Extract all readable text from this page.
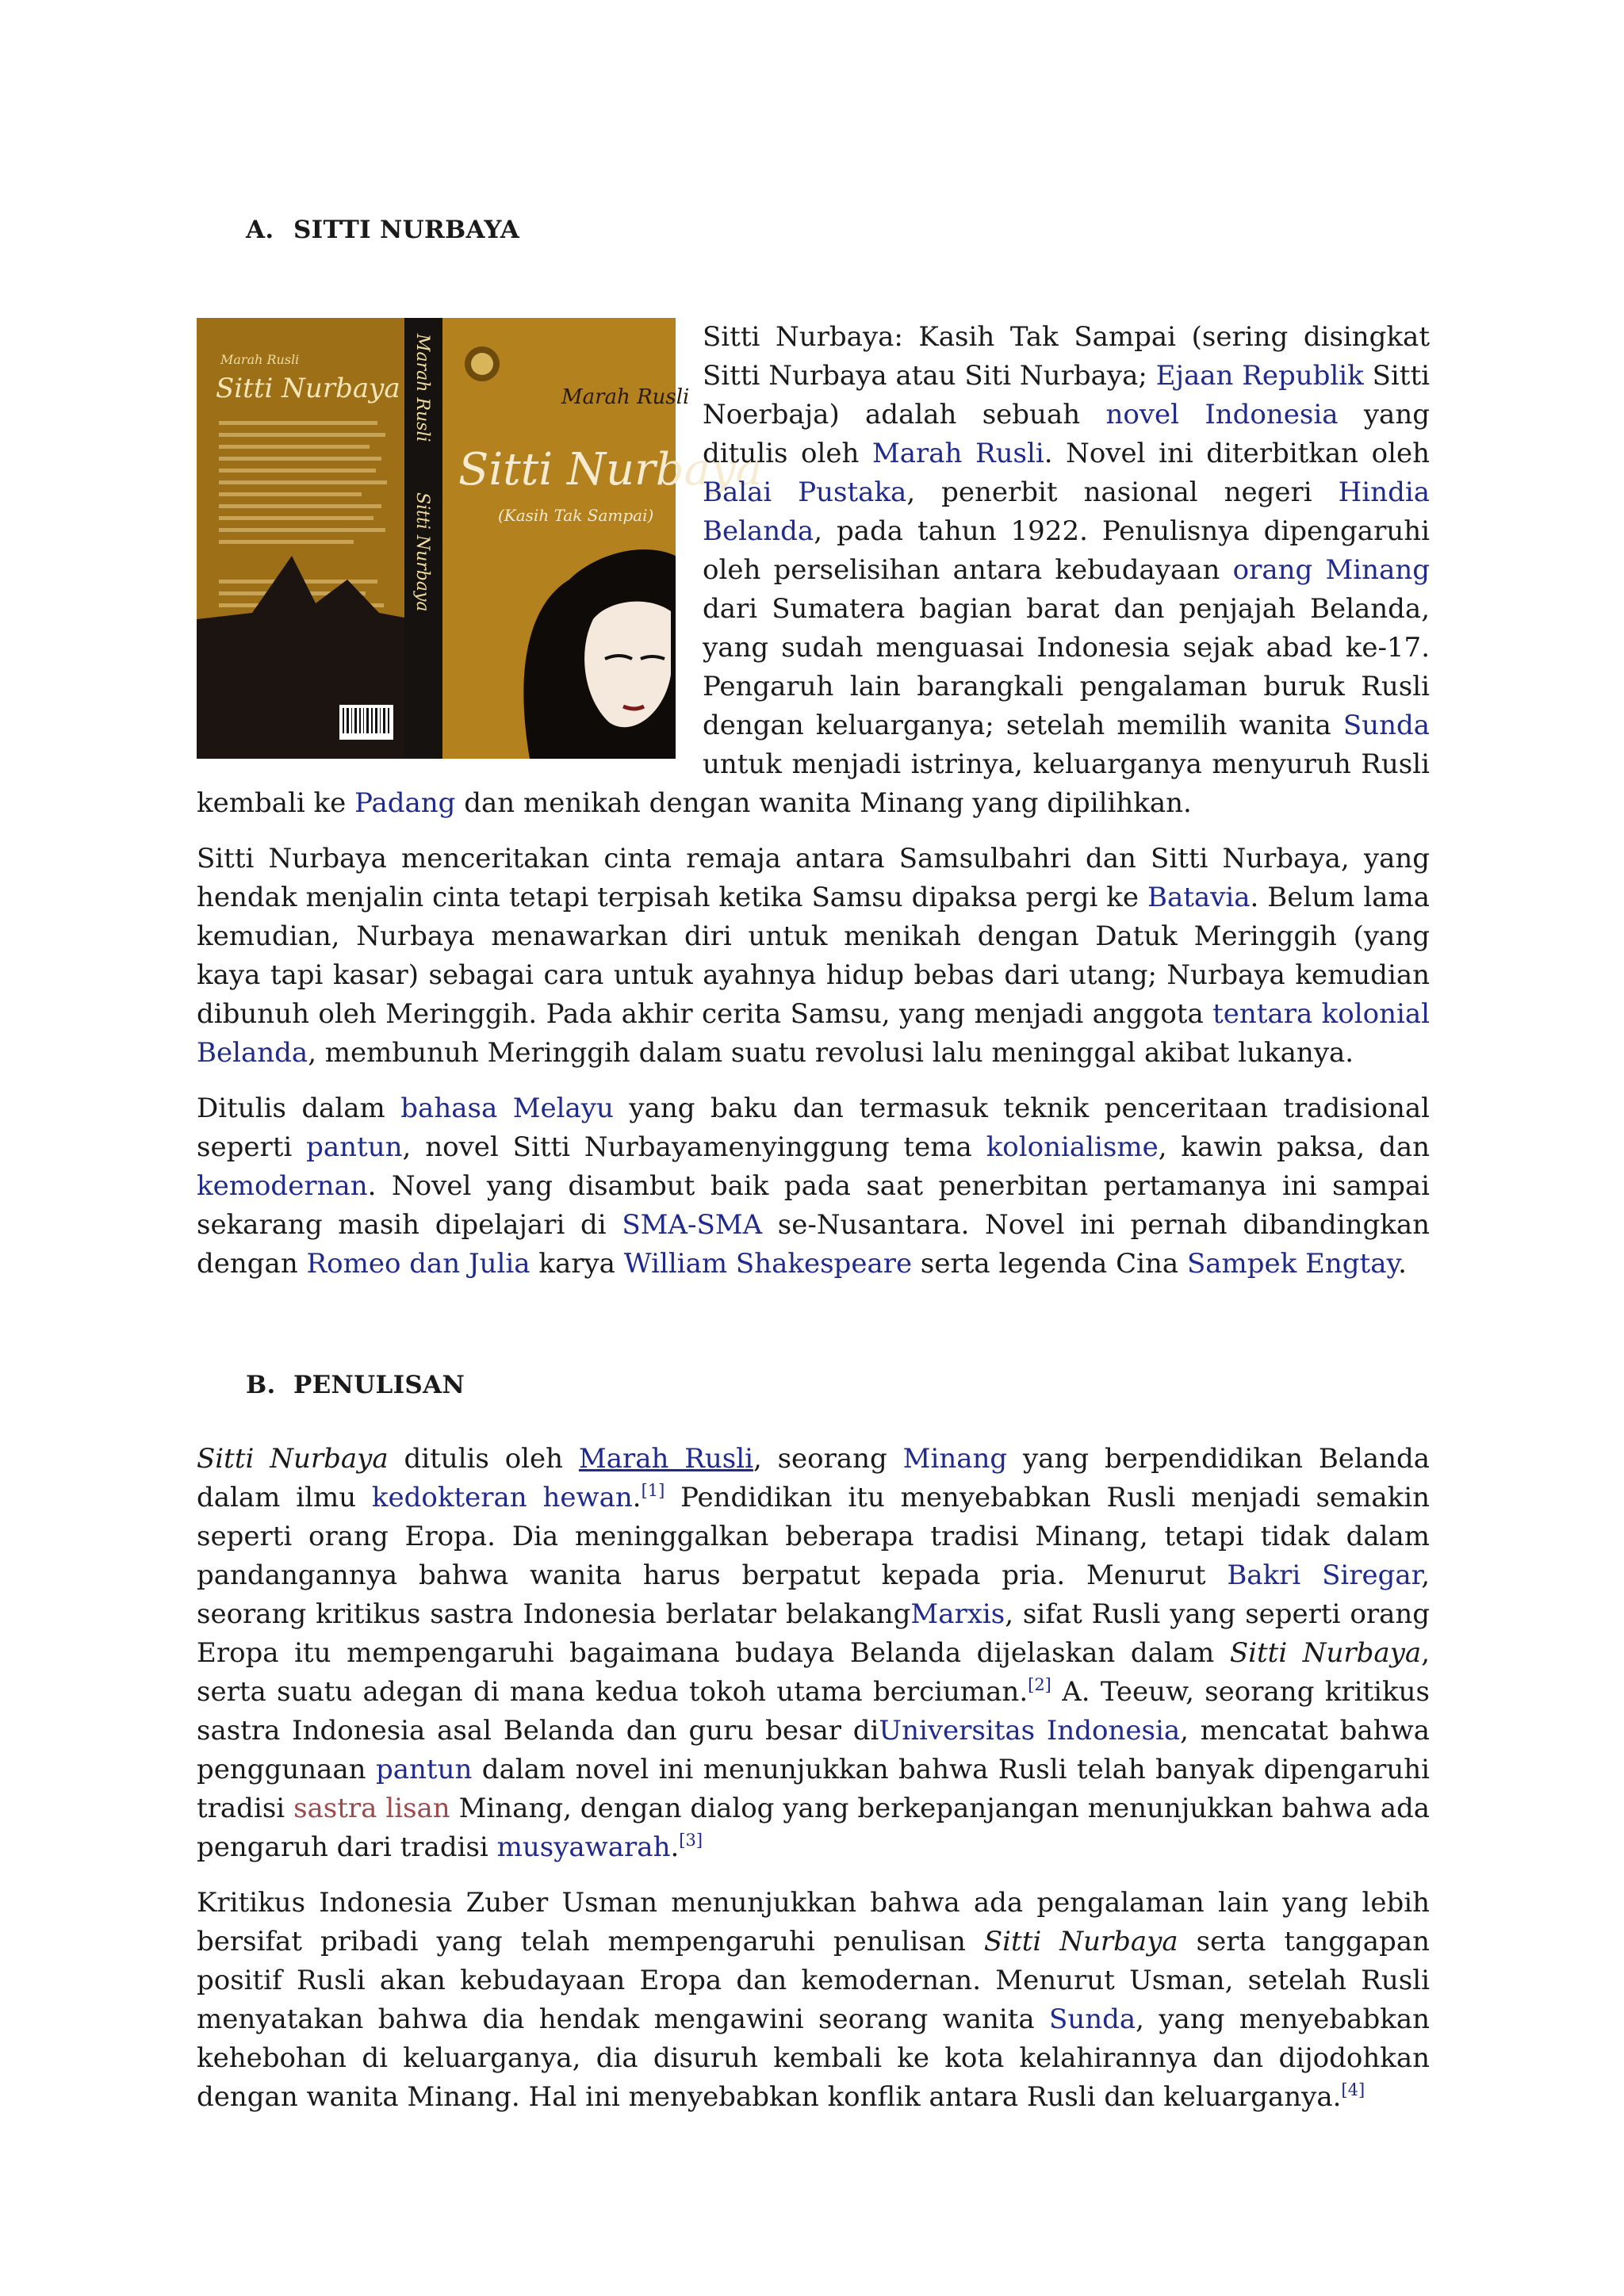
A. SITTI NURBAYA
Marah Rusli
Sitti Nurbaya Marah Rusli
Sitti Nurbaya
Marah Rusli
Sitti Nurbaya
(Kasih Tak Sampai)

Sitti Nurbaya: Kasih Tak Sampai (sering disingkat Sitti Nurbaya atau Siti Nurbaya; Ejaan Republik Sitti Noerbaja) adalah sebuah novel Indonesia yang ditulis oleh Marah Rusli. Novel ini diterbitkan oleh Balai Pustaka, penerbit nasional negeri Hindia Belanda, pada tahun 1922. Penulisnya dipengaruhi oleh perselisihan antara kebudayaan orang Minang dari Sumatera bagian barat dan penjajah Belanda, yang sudah menguasai Indonesia sejak abad ke-17. Pengaruh lain barangkali pengalaman buruk Rusli dengan keluarganya; setelah memilih wanita Sunda untuk menjadi istrinya, keluarganya menyuruh Rusli kembali ke Padang dan menikah dengan wanita Minang yang dipilihkan.

Sitti Nurbaya menceritakan cinta remaja antara Samsulbahri dan Sitti Nurbaya, yang hendak menjalin cinta tetapi terpisah ketika Samsu dipaksa pergi ke Batavia. Belum lama kemudian, Nurbaya menawarkan diri untuk menikah dengan Datuk Meringgih (yang kaya tapi kasar) sebagai cara untuk ayahnya hidup bebas dari utang; Nurbaya kemudian dibunuh oleh Meringgih. Pada akhir cerita Samsu, yang menjadi anggota tentara kolonial Belanda, membunuh Meringgih dalam suatu revolusi lalu meninggal akibat lukanya.

Ditulis dalam bahasa Melayu yang baku dan termasuk teknik penceritaan tradisional seperti pantun, novel Sitti Nurbayamenyinggung tema kolonialisme, kawin paksa, dan kemodernan. Novel yang disambut baik pada saat penerbitan pertamanya ini sampai sekarang masih dipelajari di SMA-SMA se-Nusantara. Novel ini pernah dibandingkan dengan Romeo dan Julia karya William Shakespeare serta legenda Cina Sampek Engtay.

B. PENULISAN

Sitti Nurbaya ditulis oleh Marah Rusli, seorang Minang yang berpendidikan Belanda dalam ilmu kedokteran hewan.[1] Pendidikan itu menyebabkan Rusli menjadi semakin seperti orang Eropa. Dia meninggalkan beberapa tradisi Minang, tetapi tidak dalam pandangannya bahwa wanita harus berpatut kepada pria. Menurut Bakri Siregar, seorang kritikus sastra Indonesia berlatar belakangMarxis, sifat Rusli yang seperti orang Eropa itu mempengaruhi bagaimana budaya Belanda dijelaskan dalam Sitti Nurbaya, serta suatu adegan di mana kedua tokoh utama berciuman.[2] A. Teeuw, seorang kritikus sastra Indonesia asal Belanda dan guru besar diUniversitas Indonesia, mencatat bahwa penggunaan pantun dalam novel ini menunjukkan bahwa Rusli telah banyak dipengaruhi tradisi sastra lisan Minang, dengan dialog yang berkepanjangan menunjukkan bahwa ada pengaruh dari tradisi musyawarah.[3]

Kritikus Indonesia Zuber Usman menunjukkan bahwa ada pengalaman lain yang lebih bersifat pribadi yang telah mempengaruhi penulisan Sitti Nurbaya serta tanggapan positif Rusli akan kebudayaan Eropa dan kemodernan. Menurut Usman, setelah Rusli menyatakan bahwa dia hendak mengawini seorang wanita Sunda, yang menyebabkan kehebohan di keluarganya, dia disuruh kembali ke kota kelahirannya dan dijodohkan dengan wanita Minang. Hal ini menyebabkan konflik antara Rusli dan keluarganya.[4]
